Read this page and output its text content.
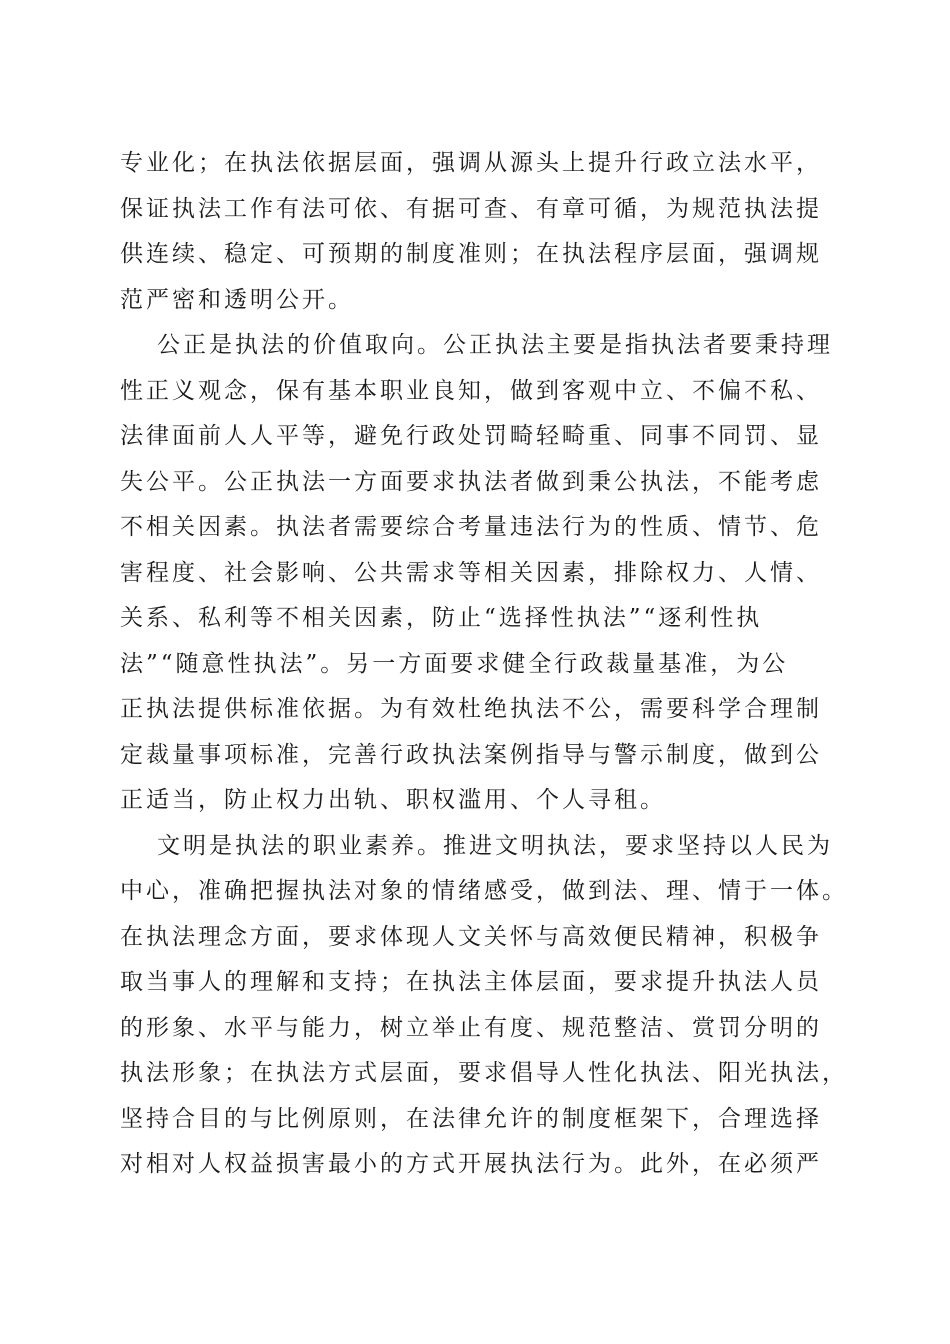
专业化；在执法依据层面，强调从源头上提升行政立法水平，
保证执法工作有法可依、有据可查、有章可循，为规范执法提
供连续、稳定、可预期的制度准则；在执法程序层面，强调规
范严密和透明公开。
公正是执法的价值取向。公正执法主要是指执法者要秉持理
性正义观念，保有基本职业良知，做到客观中立、不偏不私、
法律面前人人平等，避免行政处罚畸轻畸重、同事不同罚、显
失公平。公正执法一方面要求执法者做到秉公执法，不能考虑
不相关因素。执法者需要综合考量违法行为的性质、情节、危
害程度、社会影响、公共需求等相关因素，排除权力、人情、
关系、私利等不相关因素，防止“选择性执法”“逐利性执
法”“随意性执法”。另一方面要求健全行政裁量基准，为公
正执法提供标准依据。为有效杜绝执法不公，需要科学合理制
定裁量事项标准，完善行政执法案例指导与警示制度，做到公
正适当，防止权力出轨、职权滥用、个人寻租。
文明是执法的职业素养。推进文明执法，要求坚持以人民为
中心，准确把握执法对象的情绪感受，做到法、理、情于一体。
在执法理念方面，要求体现人文关怀与高效便民精神，积极争
取当事人的理解和支持；在执法主体层面，要求提升执法人员
的形象、水平与能力，树立举止有度、规范整洁、赏罚分明的
执法形象；在执法方式层面，要求倡导人性化执法、阳光执法，
坚持合目的与比例原则，在法律允许的制度框架下，合理选择
对相对人权益损害最小的方式开展执法行为。此外，在必须严
